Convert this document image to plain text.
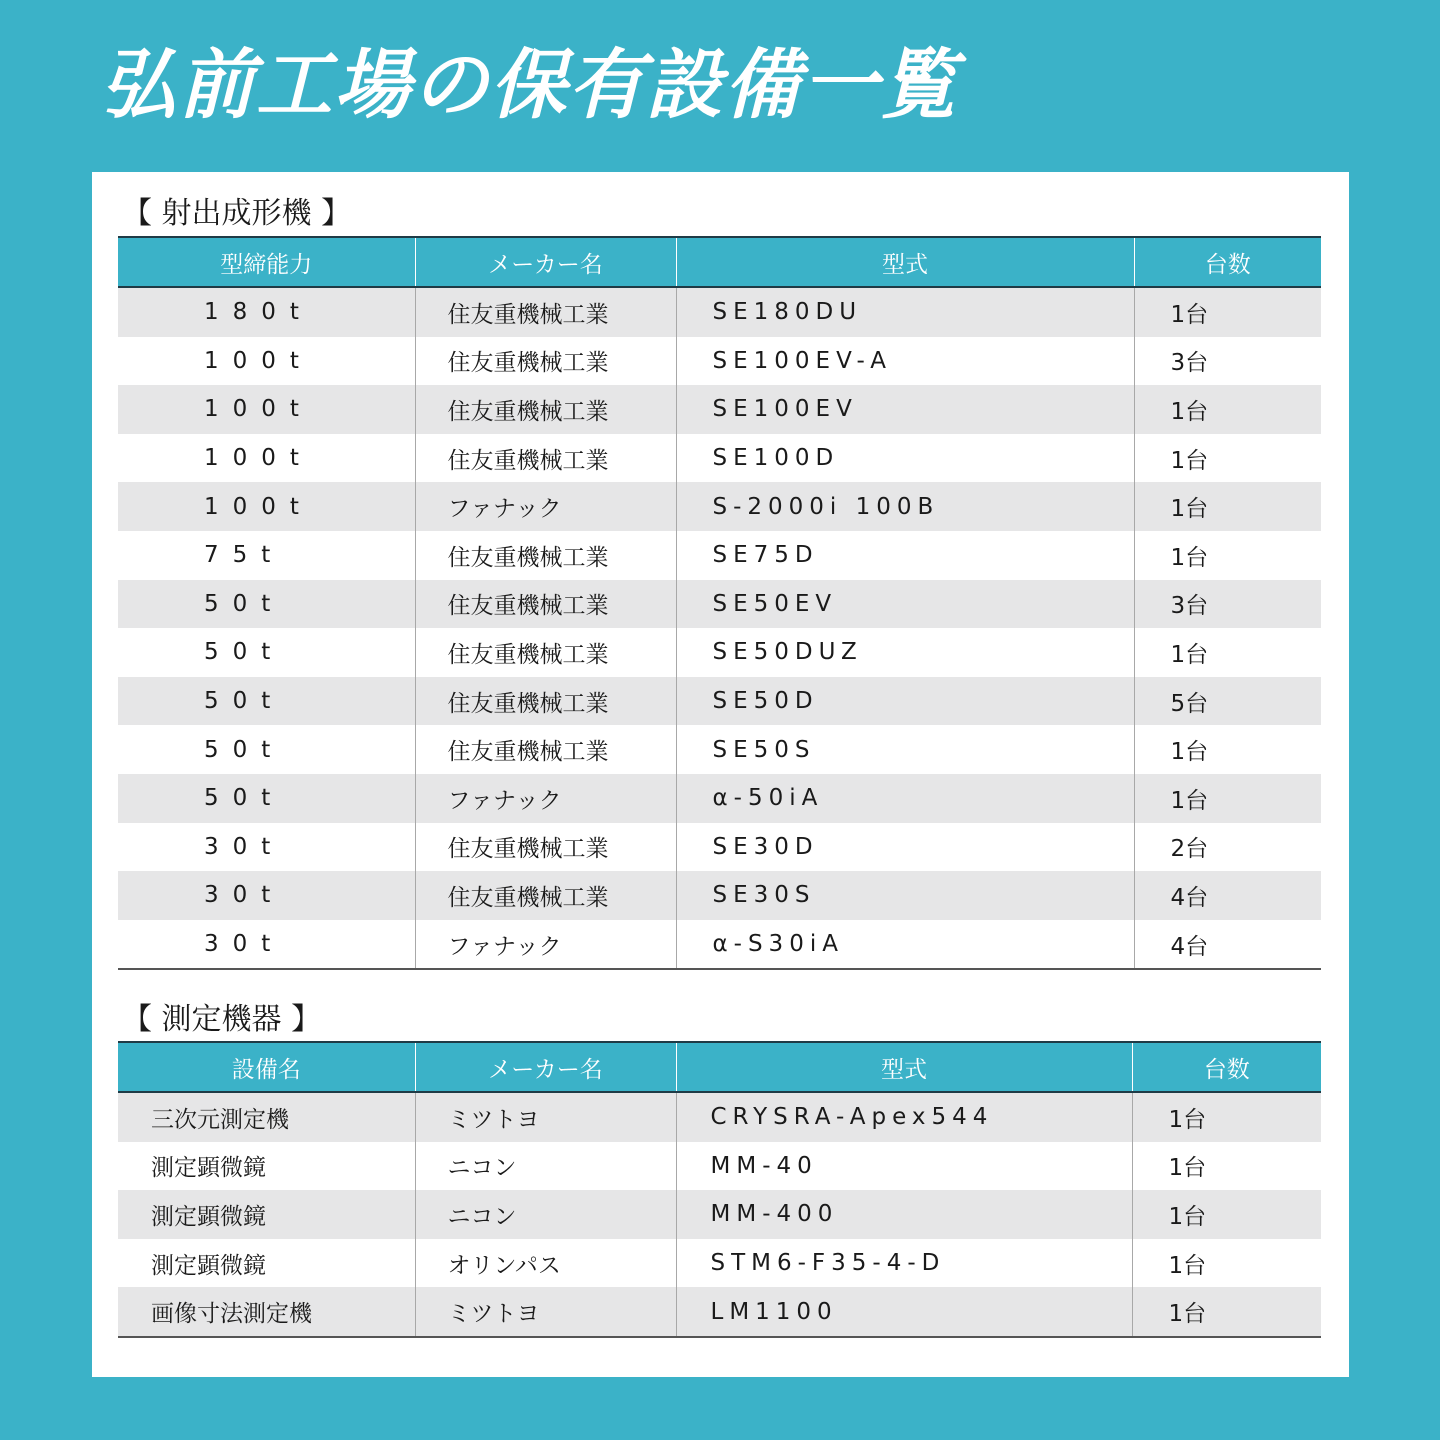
弘前工場の保有設備一覧
【 射出成形機 】
型締能力	メーカー名	型式	台数
180t	住友重機械工業	SE180DU	1台
100t	住友重機械工業	SE100EV-A	3台
100t	住友重機械工業	SE100EV	1台
100t	住友重機械工業	SE100D	1台
100t	ファナック	S-2000i 100B	1台
75t	住友重機械工業	SE75D	1台
50t	住友重機械工業	SE50EV	3台
50t	住友重機械工業	SE50DUZ	1台
50t	住友重機械工業	SE50D	5台
50t	住友重機械工業	SE50S	1台
50t	ファナック	α-50iA	1台
30t	住友重機械工業	SE30D	2台
30t	住友重機械工業	SE30S	4台
30t	ファナック	α-S30iA	4台
【 測定機器 】
設備名	メーカー名	型式	台数
三次元測定機	ミツトヨ	CRYSRA-Apex544	1台
測定顕微鏡	ニコン	MM-40	1台
測定顕微鏡	ニコン	MM-400	1台
測定顕微鏡	オリンパス	STM6-F35-4-D	1台
画像寸法測定機	ミツトヨ	LM1100	1台
